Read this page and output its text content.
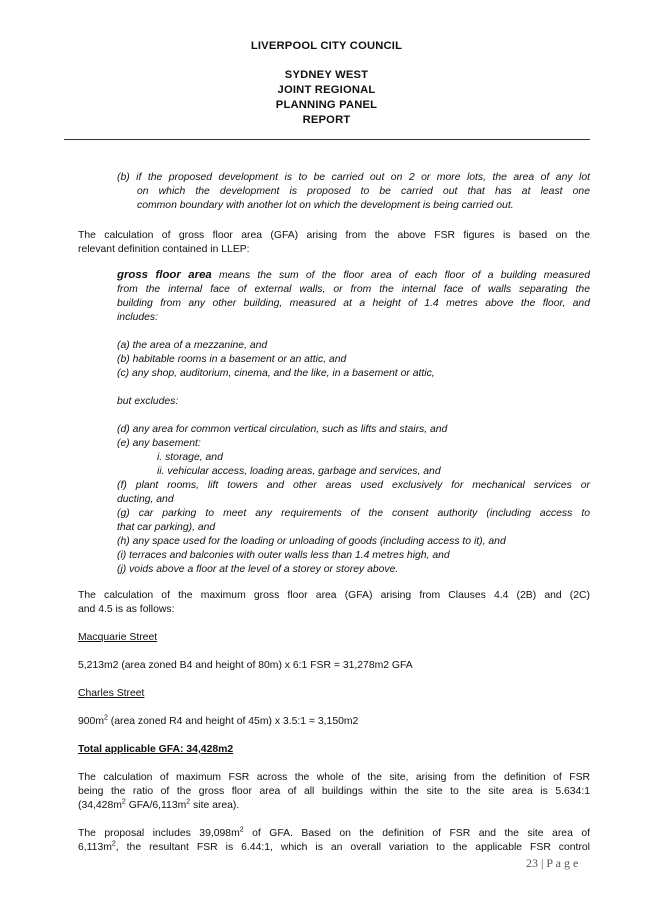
LIVERPOOL CITY COUNCIL
SYDNEY WEST
JOINT REGIONAL
PLANNING PANEL
REPORT

(b) if the proposed development is to be carried out on 2 or more lots, the area of any lot

on which the development is proposed to be carried out that has at least one

common boundary with another lot on which the development is being carried out.

The calculation of gross floor area (GFA) arising from the above FSR figures is based on the

relevant definition contained in LLEP:

gross floor area means the sum of the floor area of each floor of a building measured

from the internal face of external walls, or from the internal face of walls separating the

building from any other building, measured at a height of 1.4 metres above the floor, and

includes:

(a) the area of a mezzanine, and

(b) habitable rooms in a basement or an attic, and

(c) any shop, auditorium, cinema, and the like, in a basement or attic,

but excludes:

(d) any area for common vertical circulation, such as lifts and stairs, and

(e) any basement:

i. storage, and

ii. vehicular access, loading areas, garbage and services, and

(f) plant rooms, lift towers and other areas used exclusively for mechanical services or

ducting, and

(g) car parking to meet any requirements of the consent authority (including access to

that car parking), and

(h) any space used for the loading or unloading of goods (including access to it), and

(i) terraces and balconies with outer walls less than 1.4 metres high, and

(j) voids above a floor at the level of a storey or storey above.

The calculation of the maximum gross floor area (GFA) arising from Clauses 4.4 (2B) and (2C)

and 4.5 is as follows:

Macquarie Street

5,213m2 (area zoned B4 and height of 80m) x 6:1 FSR = 31,278m2 GFA

Charles Street

$900m^2$ (area zoned R4 and height of 45m) x 3.5:1 = 3,150m2

Total applicable GFA: 34,428m2

The calculation of maximum FSR across the whole of the site, arising from the definition of FSR

being the ratio of the gross floor area of all buildings within the site to the site area is 5.634:1

($34,428m^2$ GFA/$6,113m^2$ site area).

The proposal includes $39,098m^2$ of GFA. Based on the definition of FSR and the site area of

$6,113m^2$, the resultant FSR is 6.44:1, which is an overall variation to the applicable FSR control

23 | P a g e
